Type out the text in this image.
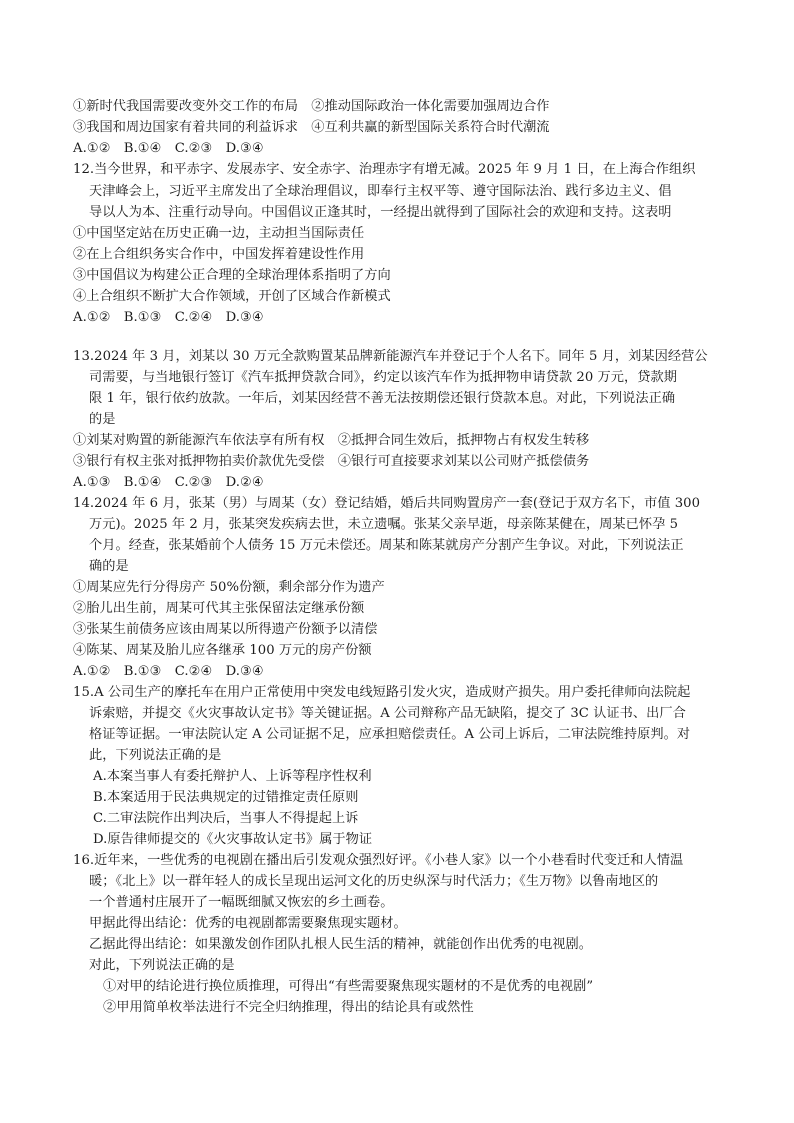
①新时代我国需要改变外交工作的布局　②推动国际政治一体化需要加强周边合作
③我国和周边国家有着共同的利益诉求　④互利共赢的新型国际关系符合时代潮流
A.①②　B.①④　C.②③　D.③④
12.当今世界，和平赤字、发展赤字、安全赤字、治理赤字有增无减。2025 年 9 月 1 日，在上海合作组织
天津峰会上，习近平主席发出了全球治理倡议，即奉行主权平等、遵守国际法治、践行多边主义、倡
导以人为本、注重行动导向。中国倡议正逢其时，一经提出就得到了国际社会的欢迎和支持。这表明
①中国坚定站在历史正确一边，主动担当国际责任
②在上合组织务实合作中，中国发挥着建设性作用
③中国倡议为构建公正合理的全球治理体系指明了方向
④上合组织不断扩大合作领域，开创了区域合作新模式
A.①②　B.①③　C.②④　D.③④
13.2024 年 3 月，刘某以 30 万元全款购置某品牌新能源汽车并登记于个人名下。同年 5 月，刘某因经营公
司需要，与当地银行签订《汽车抵押贷款合同》，约定以该汽车作为抵押物申请贷款 20 万元，贷款期
限 1 年，银行依约放款。一年后，刘某因经营不善无法按期偿还银行贷款本息。对此，下列说法正确
的是
①刘某对购置的新能源汽车依法享有所有权　②抵押合同生效后，抵押物占有权发生转移
③银行有权主张对抵押物拍卖价款优先受偿　④银行可直接要求刘某以公司财产抵偿债务
A.①③　B.①④　C.②③　D.②④
14.2024 年 6 月，张某（男）与周某（女）登记结婚，婚后共同购置房产一套(登记于双方名下，市值 300
万元)。2025 年 2 月，张某突发疾病去世，未立遗嘱。张某父亲早逝，母亲陈某健在，周某已怀孕 5
个月。经查，张某婚前个人债务 15 万元未偿还。周某和陈某就房产分割产生争议。对此，下列说法正
确的是
①周某应先行分得房产 50%份额，剩余部分作为遗产
②胎儿出生前，周某可代其主张保留法定继承份额
③张某生前债务应该由周某以所得遗产份额予以清偿
④陈某、周某及胎儿应各继承 100 万元的房产份额
A.①②　B.①③　C.②④　D.③④
15.A 公司生产的摩托车在用户正常使用中突发电线短路引发火灾，造成财产损失。用户委托律师向法院起
诉索赔，并提交《火灾事故认定书》等关键证据。A 公司辩称产品无缺陷，提交了 3C 认证书、出厂合
格证等证据。一审法院认定 A 公司证据不足，应承担赔偿责任。A 公司上诉后，二审法院维持原判。对
此，下列说法正确的是
A.本案当事人有委托辩护人、上诉等程序性权利
B.本案适用于民法典规定的过错推定责任原则
C.二审法院作出判决后，当事人不得提起上诉
D.原告律师提交的《火灾事故认定书》属于物证
16.近年来，一些优秀的电视剧在播出后引发观众强烈好评。《小巷人家》以一个小巷看时代变迁和人情温
暖；《北上》以一群年轻人的成长呈现出运河文化的历史纵深与时代活力；《生万物》以鲁南地区的
一个普通村庄展开了一幅既细腻又恢宏的乡土画卷。
甲据此得出结论：优秀的电视剧都需要聚焦现实题材。
乙据此得出结论：如果激发创作团队扎根人民生活的精神，就能创作出优秀的电视剧。
对此，下列说法正确的是
①对甲的结论进行换位质推理，可得出“有些需要聚焦现实题材的不是优秀的电视剧”
②甲用简单枚举法进行不完全归纳推理，得出的结论具有或然性
